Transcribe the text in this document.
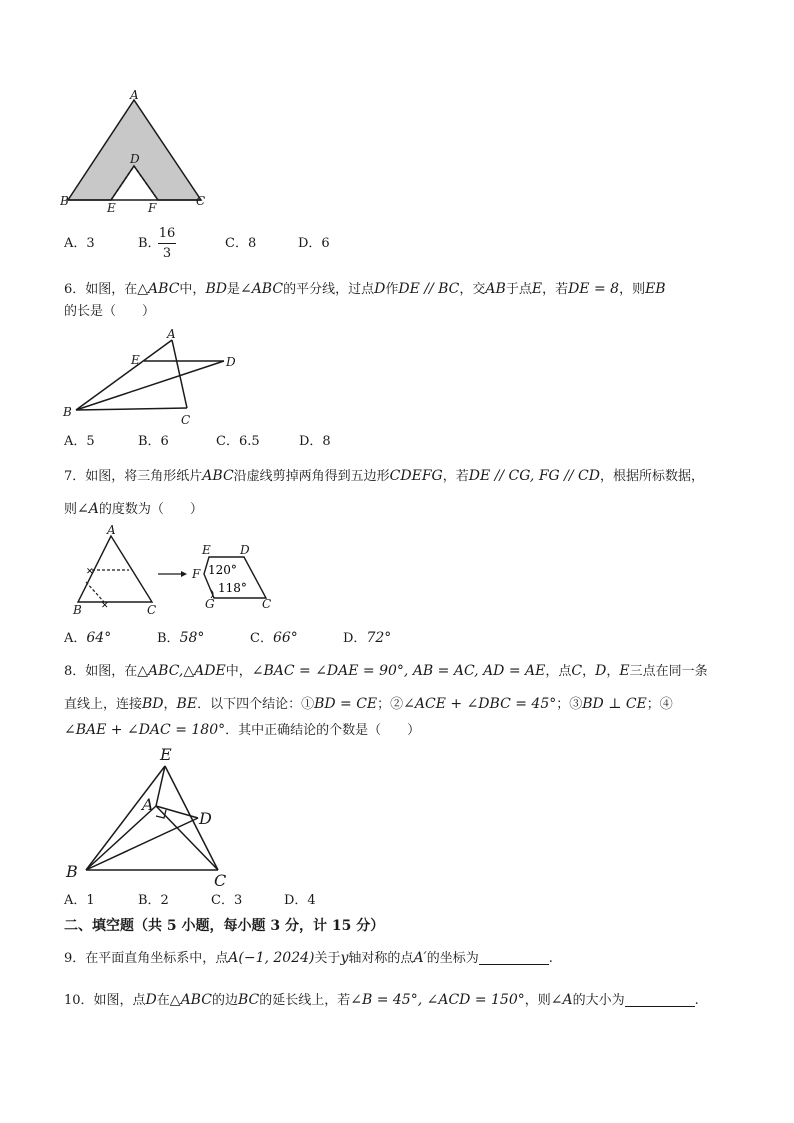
A
B	C
D
E	F
A．3	B．
16
3
C．8	D．6
6．如图，在△ABC中，BD是∠ABC的平分线，过点D作DE // BC，交AB于点E，若DE = 8，则EB
的长是（　　）
A
B
C
D
E
A．5	B．6	C．6.5	D．8
7．如图，将三角形纸片ABC沿虚线剪掉两角得到五边形CDEFG，若DE // CG, FG // CD，根据所标数据，
则∠A的度数为（　　）
✕
✕
A
B	C
E D
F
G	C
120°
118°
A．64°	B．58°	C．66°	D．72°
8．如图，在△ABC,△ADE中，∠BAC = ∠DAE = 90°, AB = AC, AD = AE，点C，D，E三点在同一条
直线上，连接BD，BE．以下四个结论：①BD = CE；②∠ACE + ∠DBC = 45°；③BD ⊥ CE；④
∠BAE + ∠DAC = 180°．其中正确结论的个数是（　　）
E
A
D
B	C
A．1	B．2	C．3	D．4
二、填空题（共 5 小题，每小题 3 分，计 15 分）
9．在平面直角坐标系中，点A(−1, 2024)关于y轴对称的点A′的坐标为	.
10．如图，点D在△ABC的边BC的延长线上，若∠B = 45°, ∠ACD = 150°，则∠A的大小为	.
